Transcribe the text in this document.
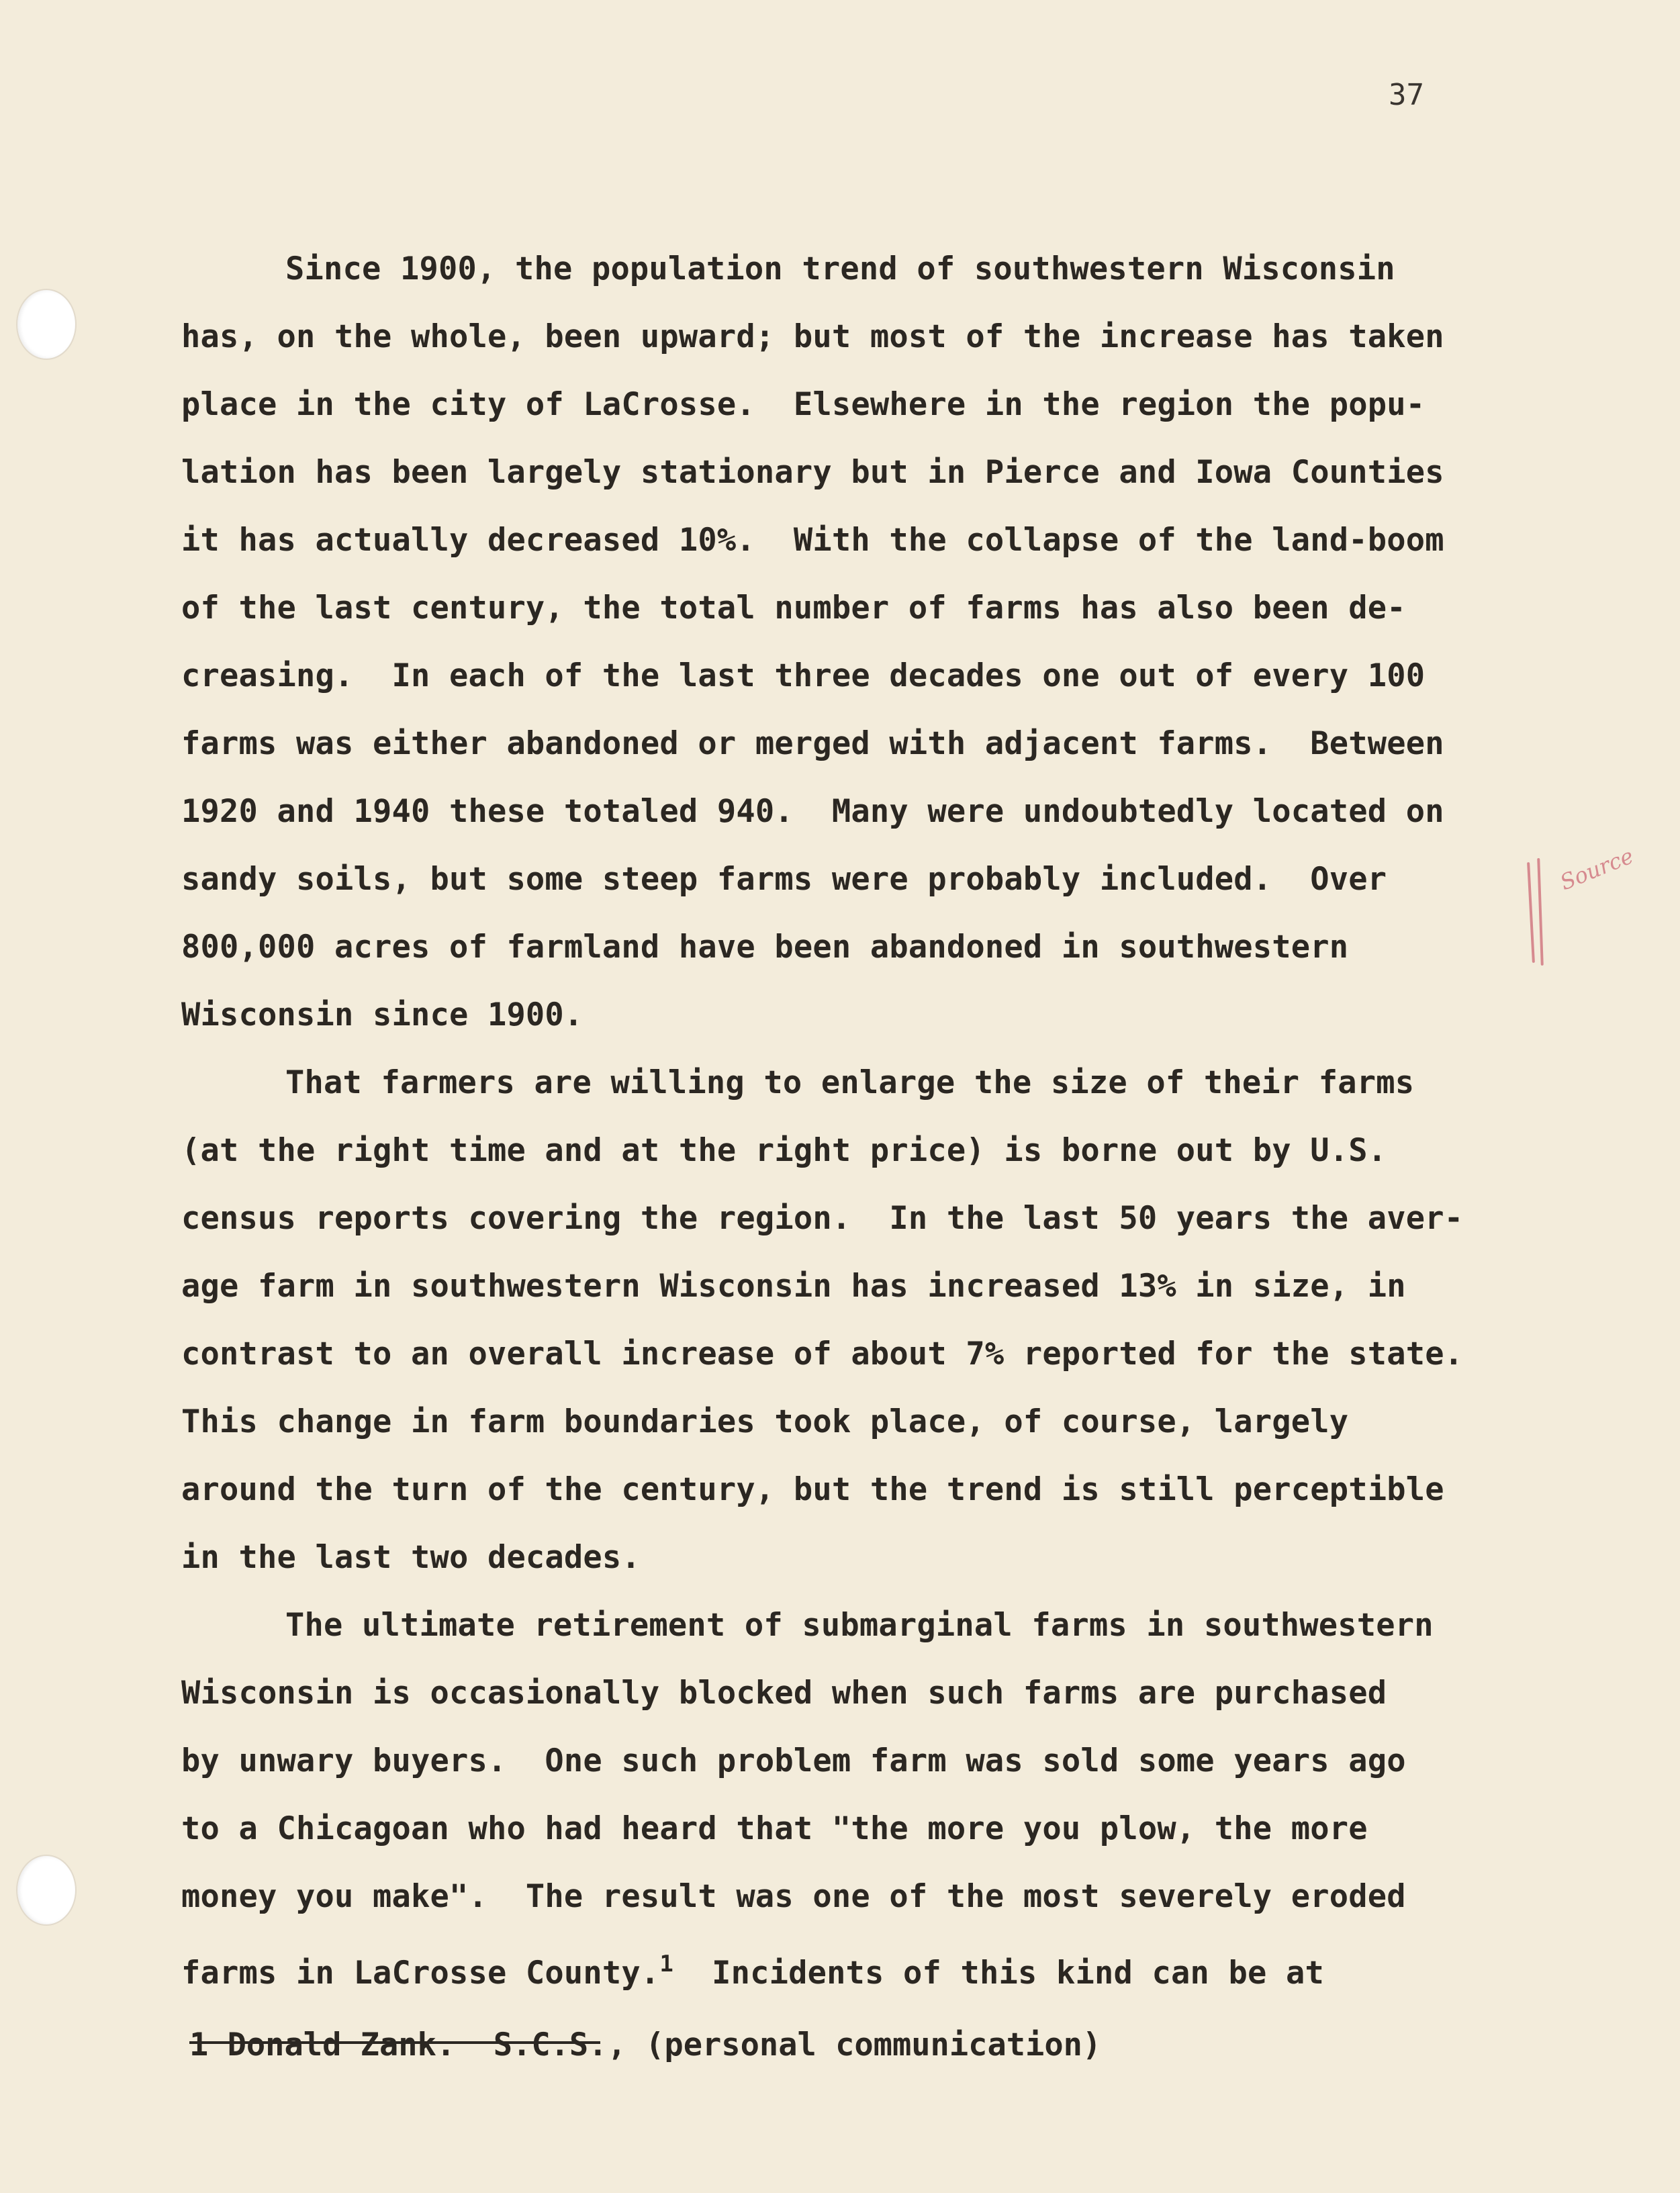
37
Since 1900, the population trend of southwestern Wisconsin
has, on the whole, been upward; but most of the increase has taken
place in the city of LaCrosse.  Elsewhere in the region the popu-
lation has been largely stationary but in Pierce and Iowa Counties
it has actually decreased 10%.  With the collapse of the land-boom
of the last century, the total number of farms has also been de-
creasing.  In each of the last three decades one out of every 100
farms was either abandoned or merged with adjacent farms.  Between
1920 and 1940 these totaled 940.  Many were undoubtedly located on
sandy soils, but some steep farms were probably included.  Over
800,000 acres of farmland have been abandoned in southwestern
Wisconsin since 1900.
That farmers are willing to enlarge the size of their farms
(at the right time and at the right price) is borne out by U.S.
census reports covering the region.  In the last 50 years the aver-
age farm in southwestern Wisconsin has increased 13% in size, in
contrast to an overall increase of about 7% reported for the state.
This change in farm boundaries took place, of course, largely
around the turn of the century, but the trend is still perceptible
in the last two decades.
The ultimate retirement of submarginal farms in southwestern
Wisconsin is occasionally blocked when such farms are purchased
by unwary buyers.  One such problem farm was sold some years ago
to a Chicagoan who had heard that "the more you plow, the more
money you make".  The result was one of the most severely eroded
farms in LaCrosse County.$^1$  Incidents of this kind can be at
Source
1 Donald Zank.  S.C.S., (personal communication)
